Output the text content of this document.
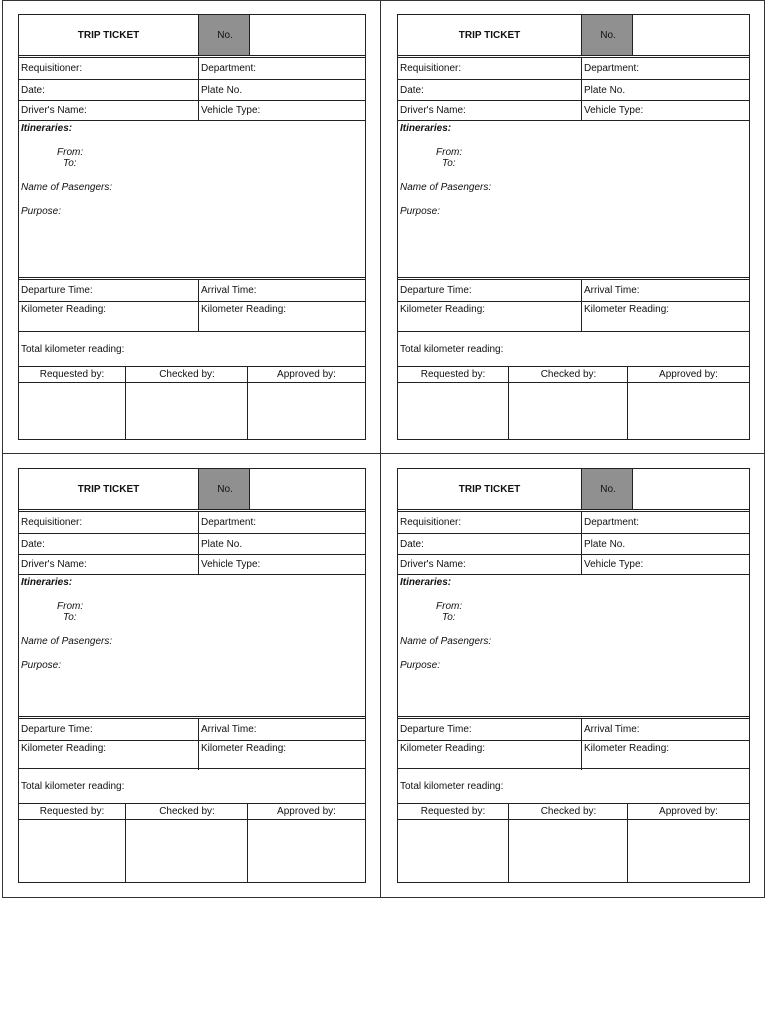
TRIP TICKET	No.
Requisitioner:	Department:
Date:	Plate No.
Driver's Name:	Vehicle Type:
Itineraries:
From:
To:
Name of Pasengers:
Purpose:
Departure Time:	Arrival Time:
Kilometer Reading:	Kilometer Reading:
Total kilometer reading:
Requested by:	Checked by:	Approved by:
TRIP TICKET	No.
Requisitioner:	Department:
Date:	Plate No.
Driver's Name:	Vehicle Type:
Itineraries:
From:
To:
Name of Pasengers:
Purpose:
Departure Time:	Arrival Time:
Kilometer Reading:	Kilometer Reading:
Total kilometer reading:
Requested by:	Checked by:	Approved by:
TRIP TICKET	No.
Requisitioner:	Department:
Date:	Plate No.
Driver's Name:	Vehicle Type:
Itineraries:
From:
To:
Name of Pasengers:
Purpose:
Departure Time:	Arrival Time:
Kilometer Reading:	Kilometer Reading:
Total kilometer reading:
Requested by:	Checked by:	Approved by:
TRIP TICKET	No.
Requisitioner:	Department:
Date:	Plate No.
Driver's Name:	Vehicle Type:
Itineraries:
From:
To:
Name of Pasengers:
Purpose:
Departure Time:	Arrival Time:
Kilometer Reading:	Kilometer Reading:
Total kilometer reading:
Requested by:	Checked by:	Approved by:
